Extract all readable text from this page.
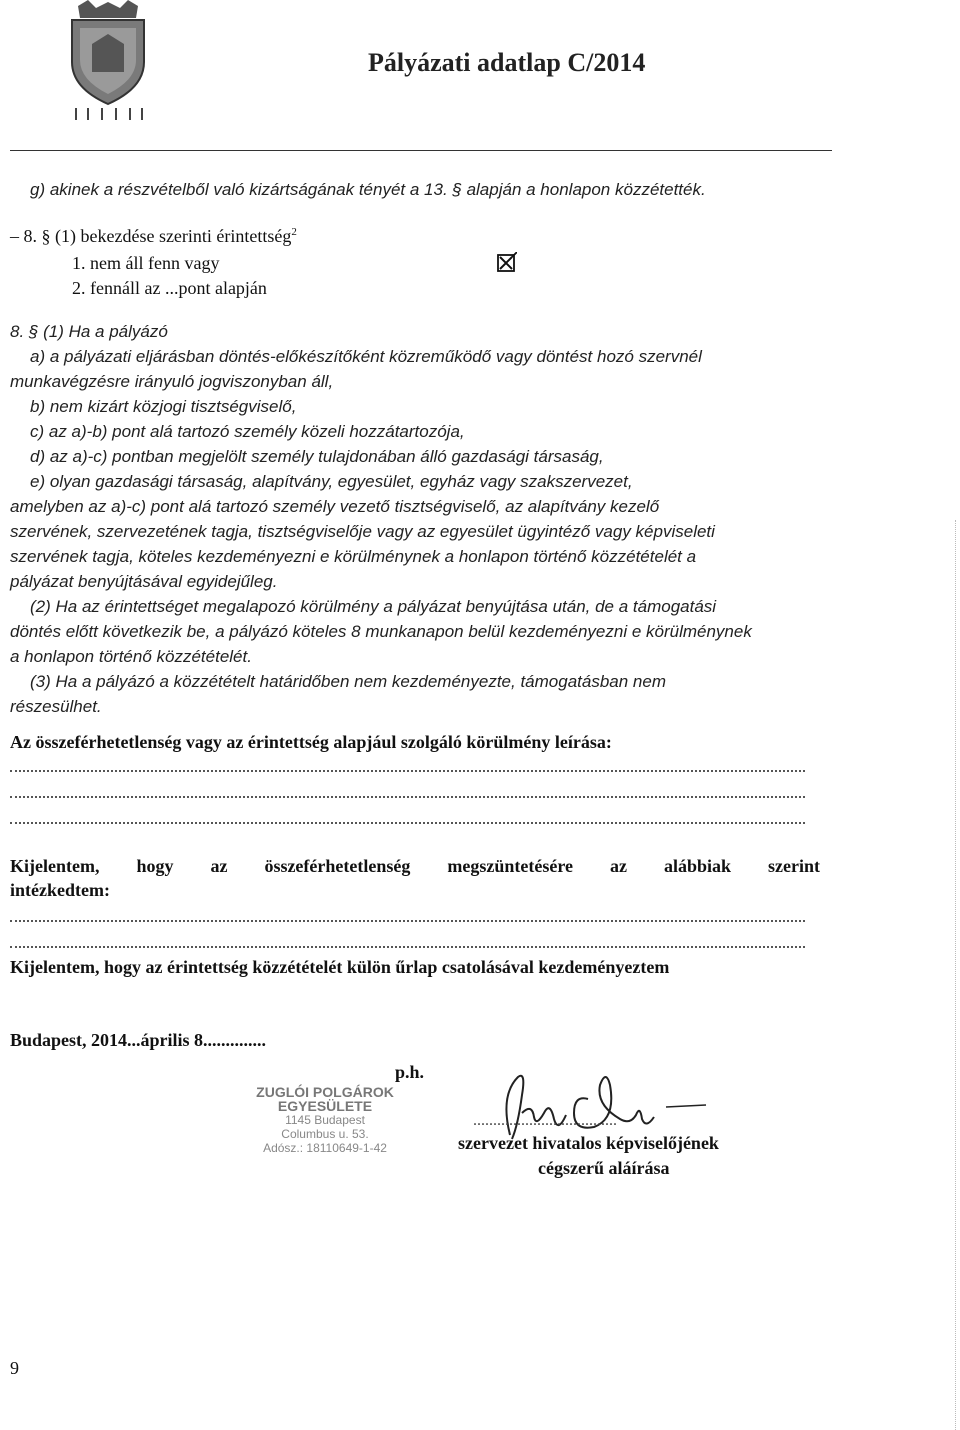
Pályázati adatlap C/2014
g) akinek a részvételből való kizártságának tényét a 13. § alapján a honlapon közzétették.
– 8. § (1) bekezdése szerinti érintettség$^2$
1. nem áll fenn vagy
2. fennáll az ...pont alapján
8. § (1) Ha a pályázó
a) a pályázati eljárásban döntés-előkészítőként közreműködő vagy döntést hozó szervnél
munkavégzésre irányuló jogviszonyban áll,
b) nem kizárt közjogi tisztségviselő,
c) az a)-b) pont alá tartozó személy közeli hozzátartozója,
d) az a)-c) pontban megjelölt személy tulajdonában álló gazdasági társaság,
e) olyan gazdasági társaság, alapítvány, egyesület, egyház vagy szakszervezet,
amelyben az a)-c) pont alá tartozó személy vezető tisztségviselő, az alapítvány kezelő
szervének, szervezetének tagja, tisztségviselője vagy az egyesület ügyintéző vagy képviseleti
szervének tagja, köteles kezdeményezni e körülménynek a honlapon történő közzétételét a
pályázat benyújtásával egyidejűleg.
(2) Ha az érintettséget megalapozó körülmény a pályázat benyújtása után, de a támogatási
döntés előtt következik be, a pályázó köteles 8 munkanapon belül kezdeményezni e körülménynek
a honlapon történő közzétételét.
(3) Ha a pályázó a közzétételt határidőben nem kezdeményezte, támogatásban nem
részesülhet.
Az összeférhetetlenség vagy az érintettség alapjául szolgáló körülmény leírása:
Kijelentem, hogy az összeférhetetlenség megszüntetésére az alábbiak szerint
intézkedtem:
Kijelentem, hogy az érintettség közzétételét külön űrlap csatolásával kezdeményeztem
Budapest, 2014...április 8..............
p.h.
ZUGLÓI POLGÁROK
EGYESÜLETE
1145 Budapest
Columbus u. 53.
Adósz.: 18110649-1-42
....................................
szervezet hivatalos képviselőjének
cégszerű aláírása
9
